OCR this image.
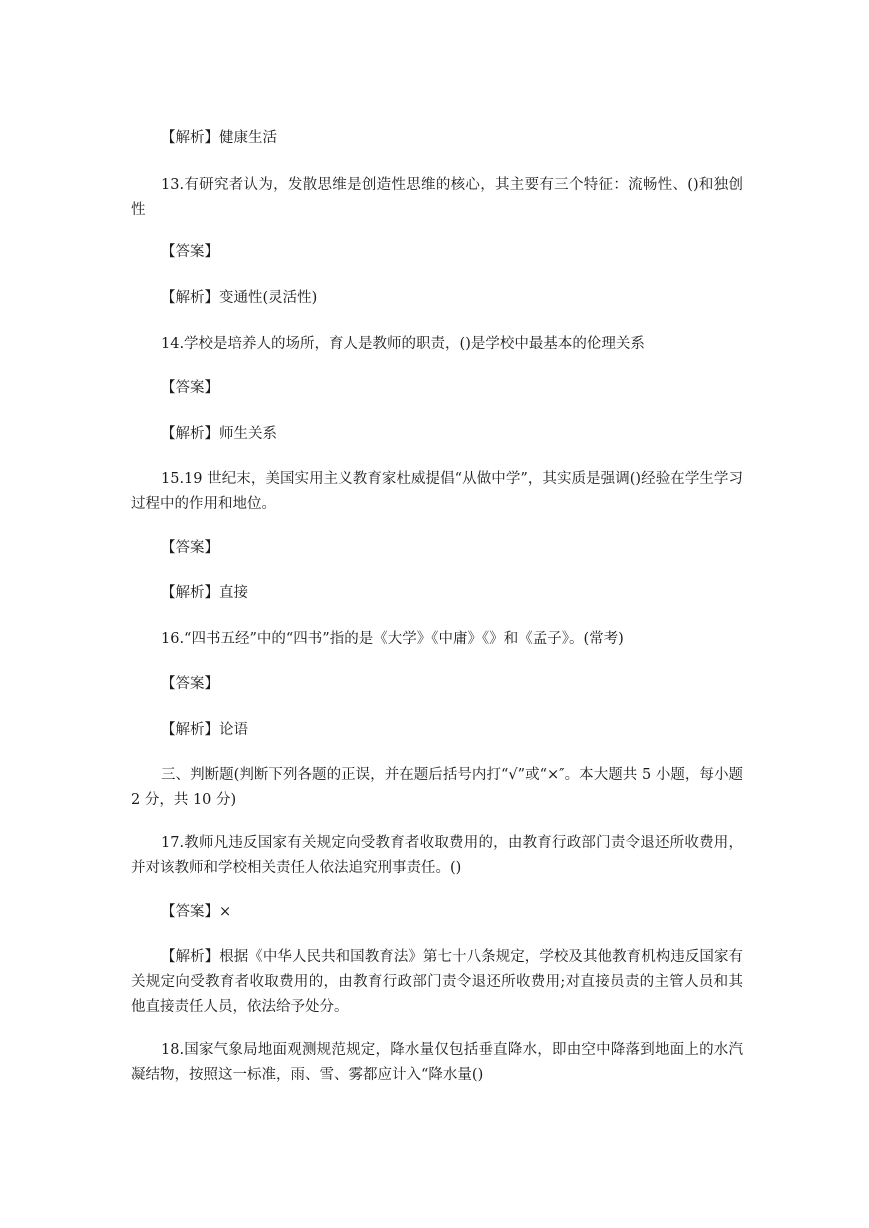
【解析】健康生活

13.有研究者认为，发散思维是创造性思维的核心，其主要有三个特征：流畅性、()和独创性

【答案】

【解析】变通性(灵活性)

14.学校是培养人的场所，育人是教师的职责，()是学校中最基本的伦理关系

【答案】

【解析】师生关系

15.19 世纪末，美国实用主义教育家杜威提倡“从做中学”，其实质是强调()经验在学生学习过程中的作用和地位。

【答案】

【解析】直接

16.“四书五经”中的“四书”指的是《大学》《中庸》《》和《孟子》。(常考)

【答案】

【解析】论语

三、判断题(判断下列各题的正误，并在题后括号内打“√”或“×″。本大题共 5 小题，每小题 2 分，共 10 分)

17.教师凡违反国家有关规定向受教育者收取费用的，由教育行政部门责令退还所收费用，并对该教师和学校相关责任人依法追究刑事责任。()

【答案】×

【解析】根据《中华人民共和国教育法》第七十八条规定，学校及其他教育机构违反国家有关规定向受教育者收取费用的，由教育行政部门责令退还所收费用;对直接员责的主管人员和其他直接责任人员，依法给予处分。

18.国家气象局地面观测规范规定，降水量仅包括垂直降水，即由空中降落到地面上的水汽凝结物，按照这一标准，雨、雪、雾都应计入“降水量()
